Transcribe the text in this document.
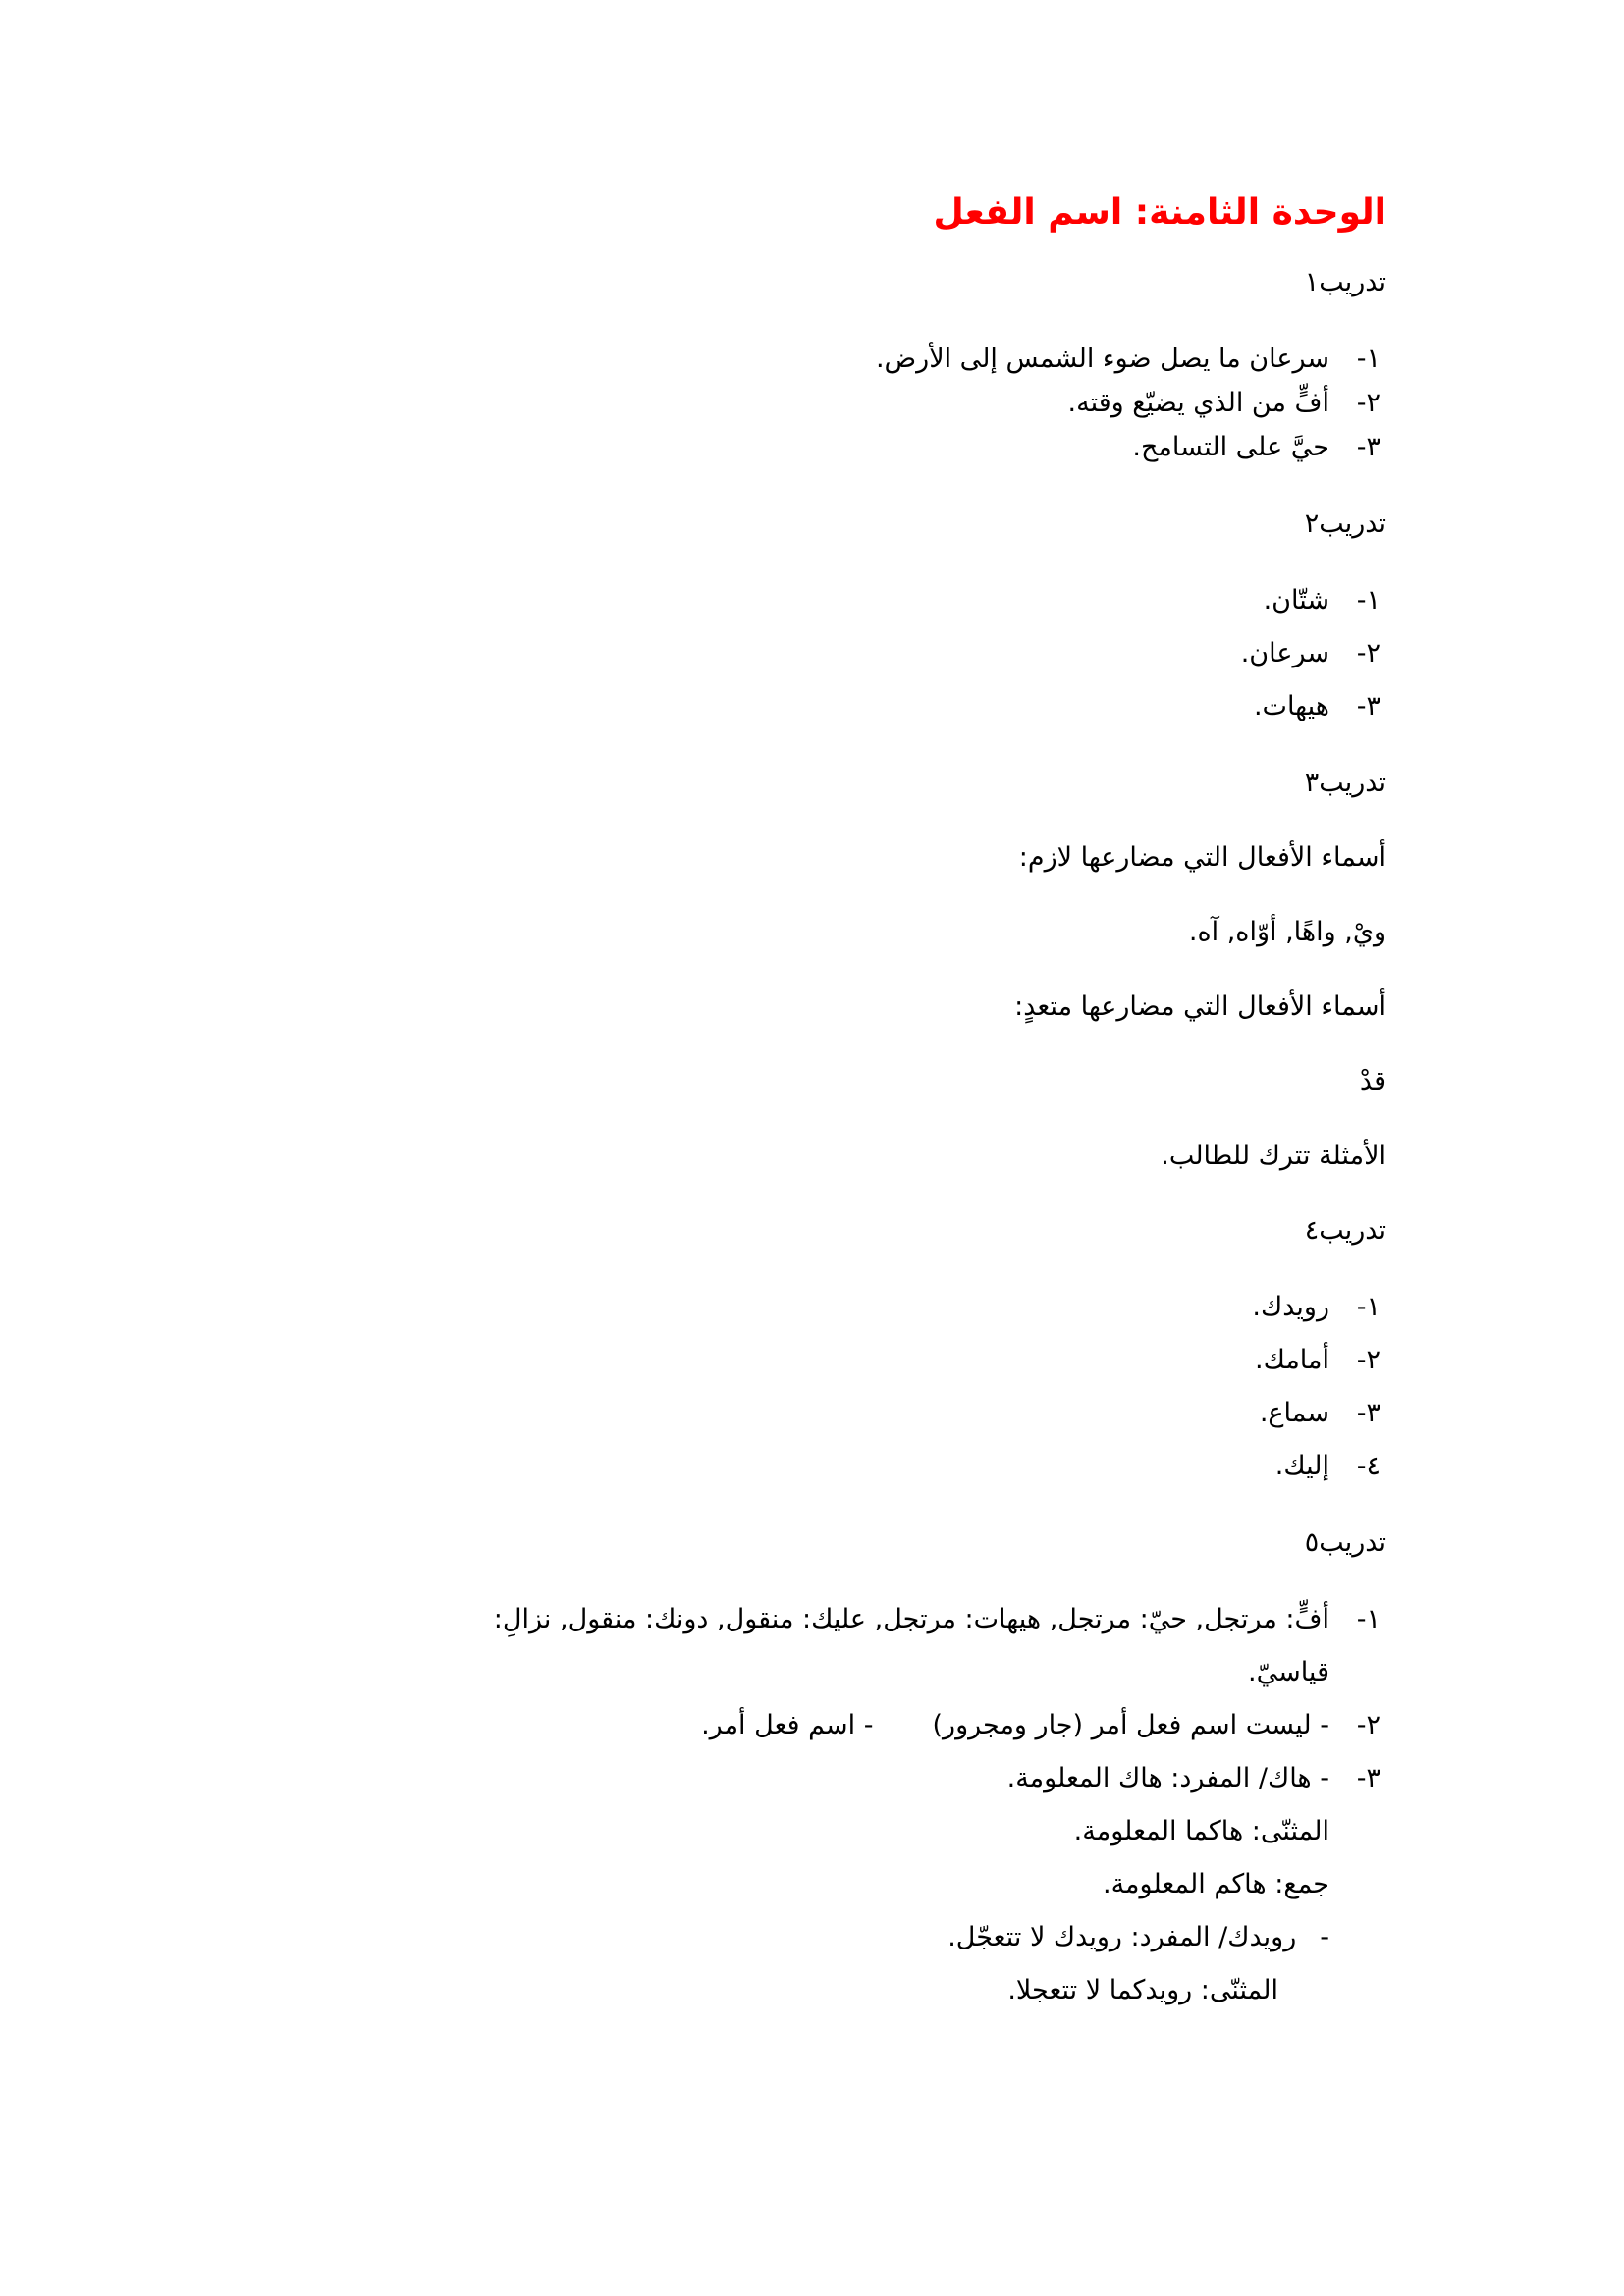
الوحدة الثامنة: اسم الفعل
تدريب١
١-
سرعان ما يصل ضوء الشمس إلى الأرض.
٢-
أفٍّ من الذي يضيّع وقته.
٣-
حيَّ على التسامح.
تدريب٢
١-
شتّان.
٢-
سرعان.
٣-
هيهات.
تدريب٣
أسماء الأفعال التي مضارعها لازم:
ويْ, واهًا, أوّاه, آه.
أسماء الأفعال التي مضارعها متعدٍ:
قدْ
الأمثلة تترك للطالب.
تدريب٤
١-
رويدك.
٢-
أمامك.
٣-
سماع.
٤-
إليك.
تدريب٥
١-
أفٍّ: مرتجل, حيّ: مرتجل, هيهات: مرتجل, عليك: منقول, دونك: منقول, نزالِ:
قياسيّ.
٢-
- ليست اسم فعل أمر (جار ومجرور)- اسم فعل أمر.
٣-
- هاك/ المفرد: هاك المعلومة.
المثنّى: هاكما المعلومة.
جمع: هاكم المعلومة.
-رويدك/ المفرد: رويدك لا تتعجّل.
المثنّى: رويدكما لا تتعجلا.
